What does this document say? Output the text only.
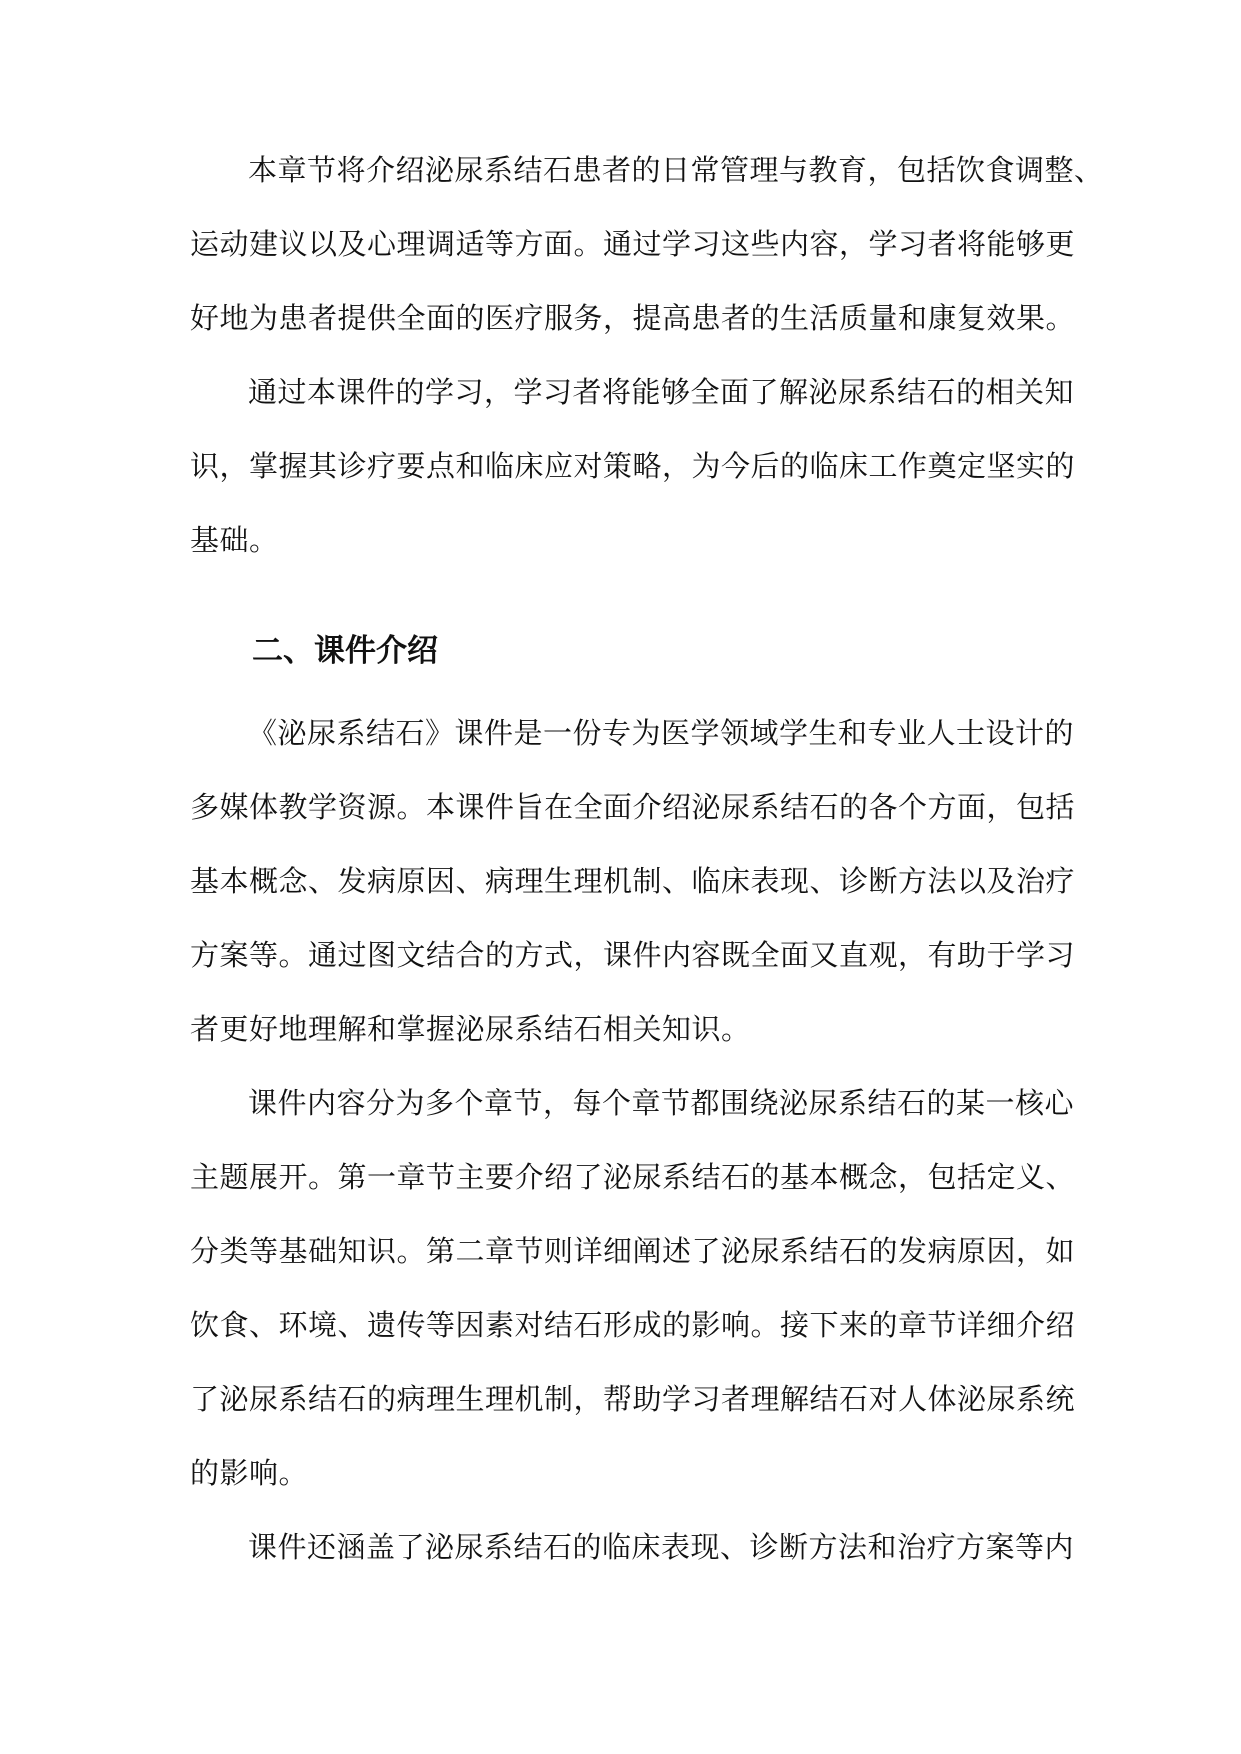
本章节将介绍泌尿系结石患者的日常管理与教育，包括饮食调整、

运动建议以及心理调适等方面。通过学习这些内容，学习者将能够更

好地为患者提供全面的医疗服务，提高患者的生活质量和康复效果。

通过本课件的学习，学习者将能够全面了解泌尿系结石的相关知

识，掌握其诊疗要点和临床应对策略，为今后的临床工作奠定坚实的

基础。

二、课件介绍

《泌尿系结石》课件是一份专为医学领域学生和专业人士设计的

多媒体教学资源。本课件旨在全面介绍泌尿系结石的各个方面，包括

基本概念、发病原因、病理生理机制、临床表现、诊断方法以及治疗

方案等。通过图文结合的方式，课件内容既全面又直观，有助于学习

者更好地理解和掌握泌尿系结石相关知识。

课件内容分为多个章节，每个章节都围绕泌尿系结石的某一核心

主题展开。第一章节主要介绍了泌尿系结石的基本概念，包括定义、

分类等基础知识。第二章节则详细阐述了泌尿系结石的发病原因，如

饮食、环境、遗传等因素对结石形成的影响。接下来的章节详细介绍

了泌尿系结石的病理生理机制，帮助学习者理解结石对人体泌尿系统

的影响。

课件还涵盖了泌尿系结石的临床表现、诊断方法和治疗方案等内
